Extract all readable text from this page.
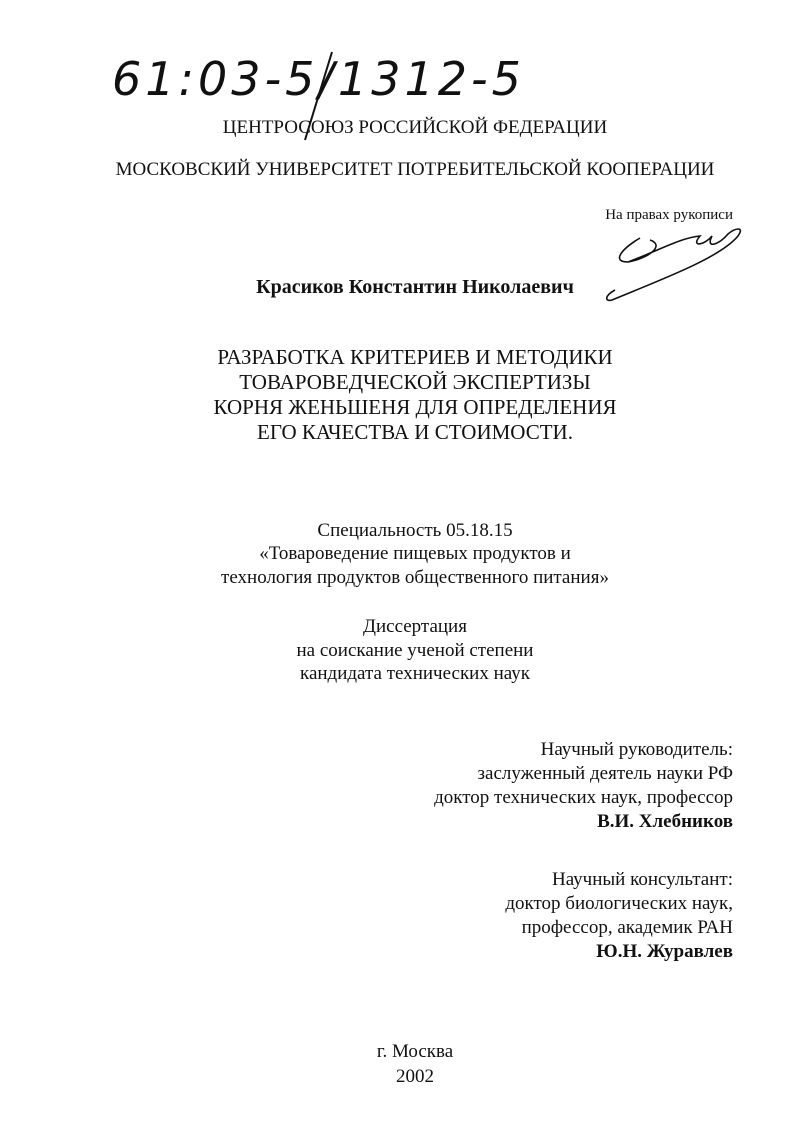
61:03-5/1312-5
ЦЕНТРОСОЮЗ РОССИЙСКОЙ ФЕДЕРАЦИИ
МОСКОВСКИЙ УНИВЕРСИТЕТ ПОТРЕБИТЕЛЬСКОЙ КООПЕРАЦИИ
На правах рукописи
Красиков Константин Николаевич
РАЗРАБОТКА КРИТЕРИЕВ И МЕТОДИКИ
ТОВАРОВЕДЧЕСКОЙ ЭКСПЕРТИЗЫ
КОРНЯ ЖЕНЬШЕНЯ ДЛЯ ОПРЕДЕЛЕНИЯ
ЕГО КАЧЕСТВА И СТОИМОСТИ.
Специальность 05.18.15
«Товароведение пищевых продуктов и
технология продуктов общественного питания»
Диссертация
на соискание ученой степени
кандидата технических наук
Научный руководитель:
заслуженный деятель науки РФ
доктор технических наук, профессор
В.И. Хлебников
Научный консультант:
доктор биологических наук,
профессор, академик РАН
Ю.Н. Журавлев
г. Москва
2002
